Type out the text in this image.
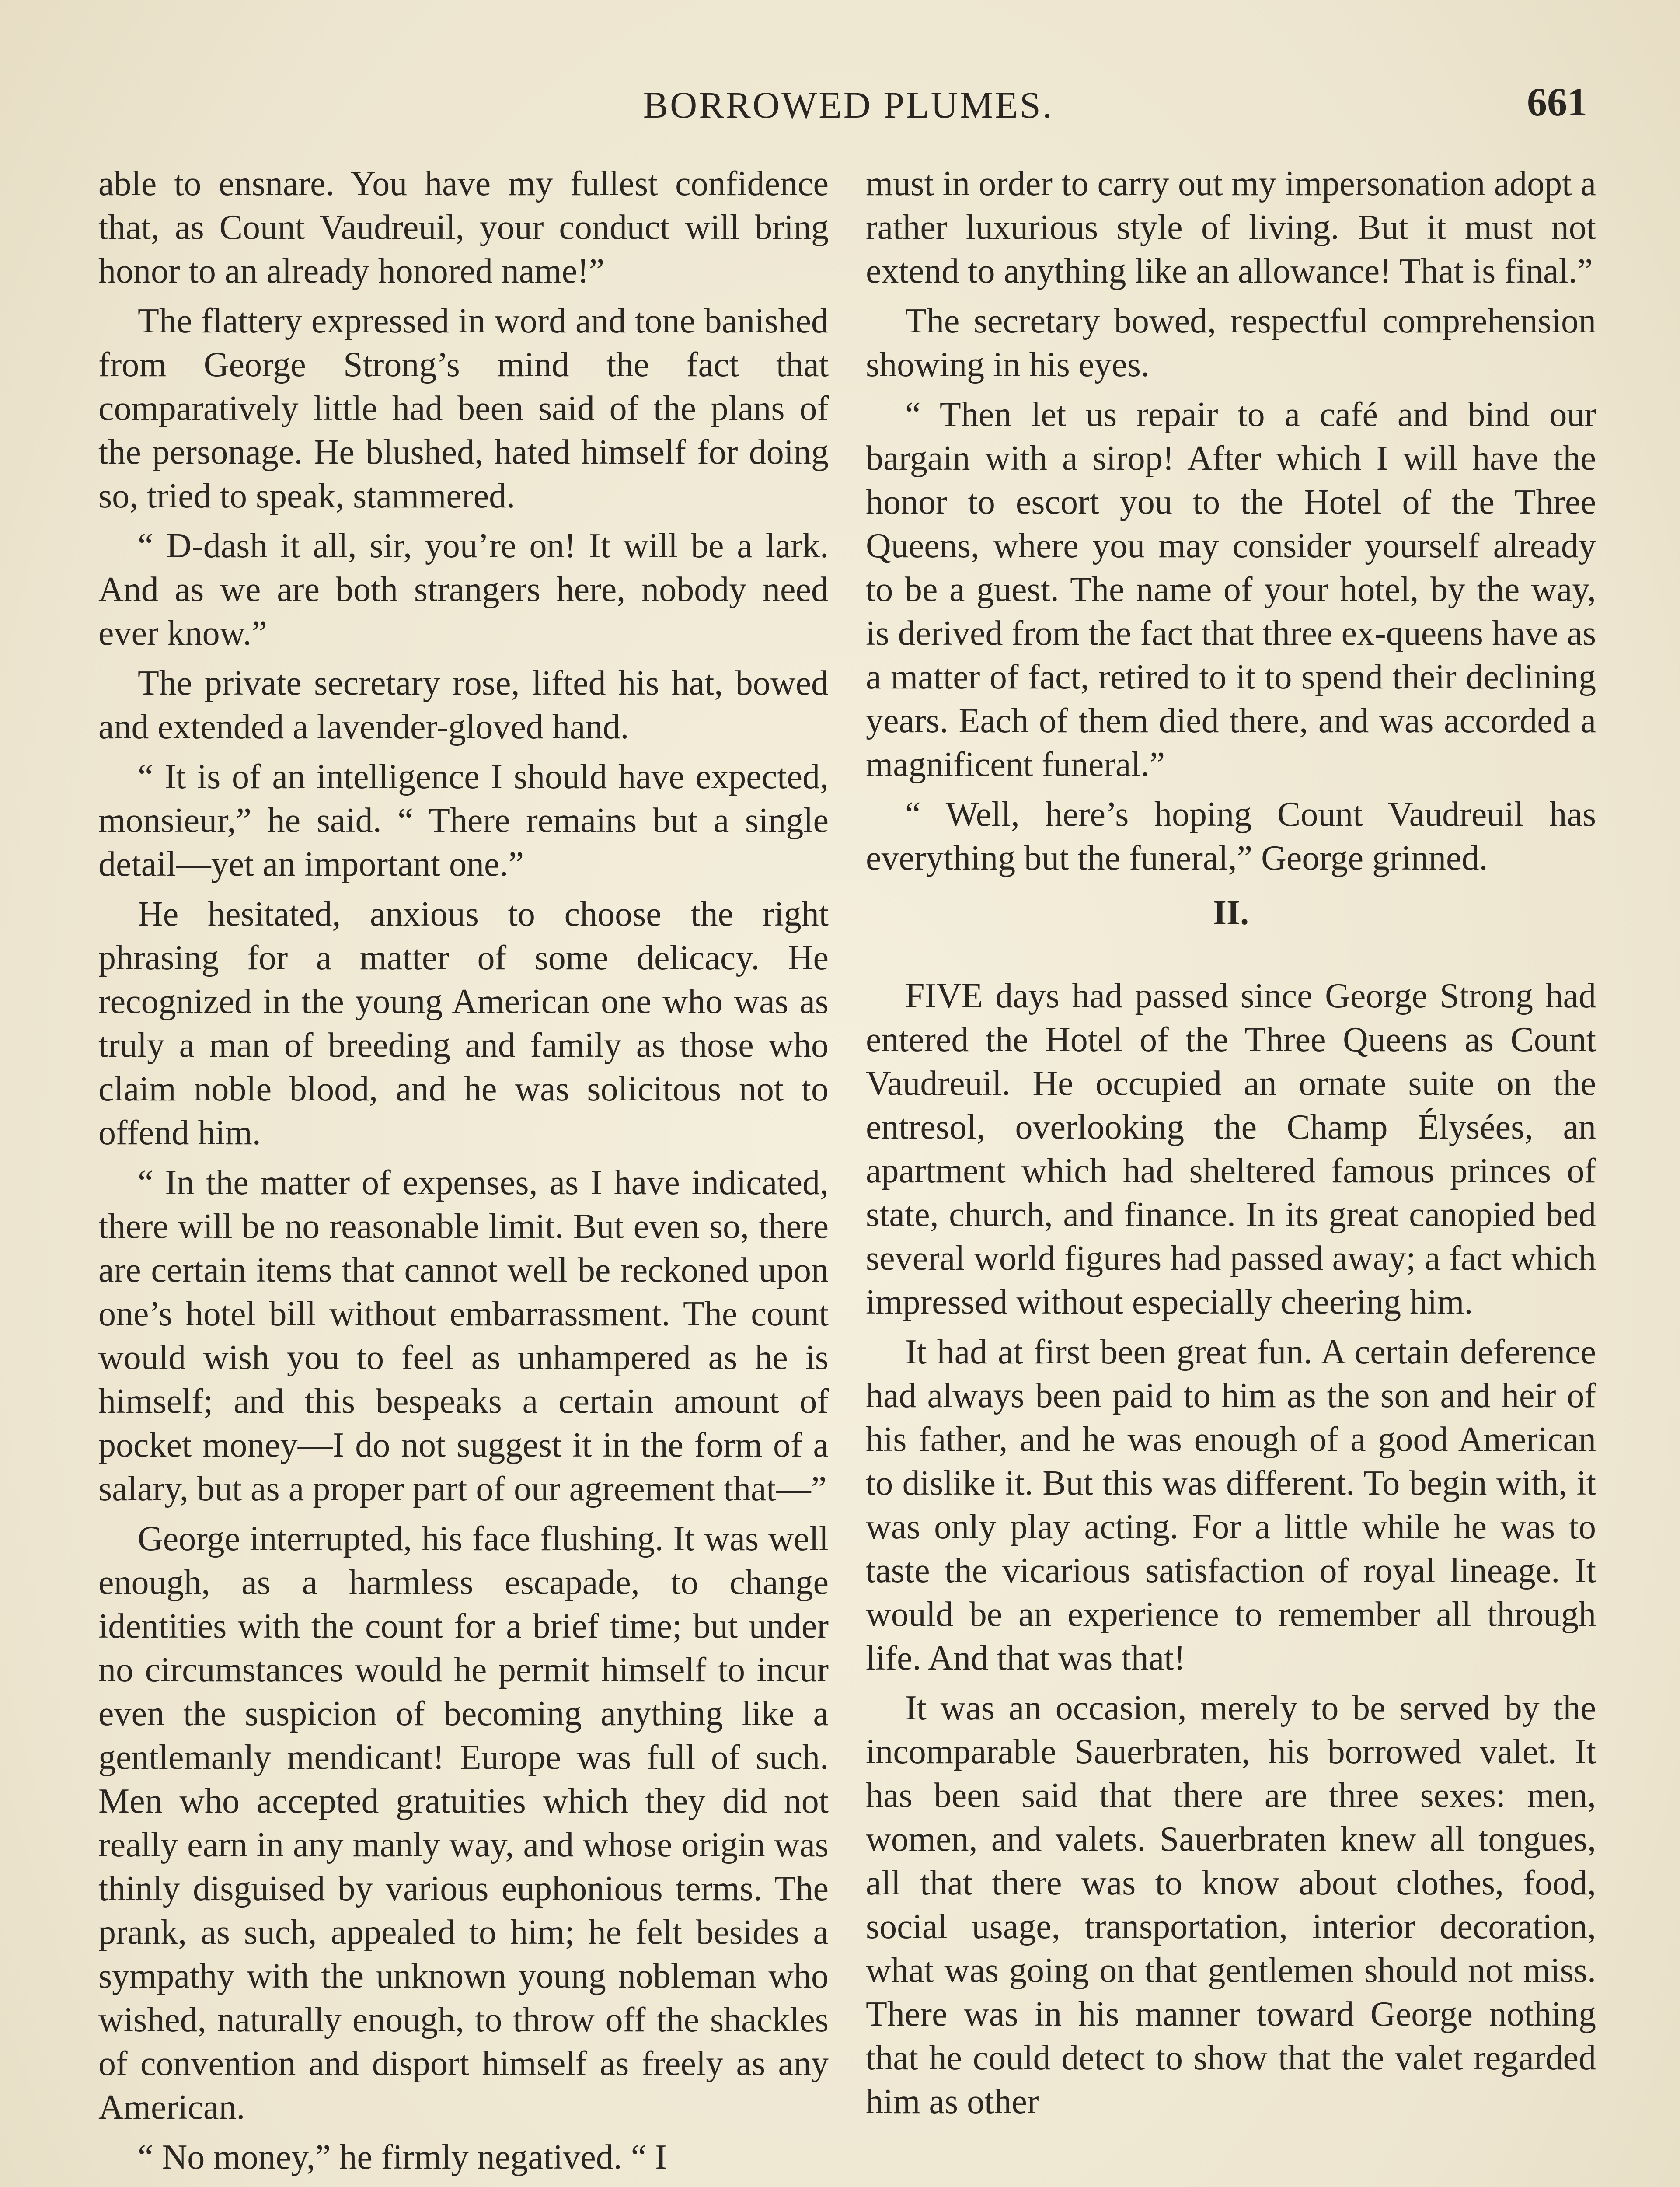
BORROWED PLUMES.	661

able to ensnare. You have my fullest confidence that, as Count Vaudreuil, your conduct will bring honor to an already honored name!”

The flattery expressed in word and tone banished from George Strong’s mind the fact that comparatively little had been said of the plans of the personage. He blushed, hated himself for doing so, tried to speak, stammered.

“ D-dash it all, sir, you’re on! It will be a lark. And as we are both strangers here, nobody need ever know.”

The private secretary rose, lifted his hat, bowed and extended a lavender-gloved hand.

“ It is of an intelligence I should have expected, monsieur,” he said. “ There remains but a single detail—yet an important one.”

He hesitated, anxious to choose the right phrasing for a matter of some delicacy. He recognized in the young American one who was as truly a man of breeding and family as those who claim noble blood, and he was solicitous not to offend him.

“ In the matter of expenses, as I have indicated, there will be no reasonable limit. But even so, there are certain items that cannot well be reckoned upon one’s hotel bill without embarrassment. The count would wish you to feel as unhampered as he is himself; and this bespeaks a certain amount of pocket money—I do not suggest it in the form of a salary, but as a proper part of our agreement that—”

George interrupted, his face flushing. It was well enough, as a harmless escapade, to change identities with the count for a brief time; but under no circumstances would he permit himself to incur even the suspicion of becoming anything like a gentlemanly mendicant! Europe was full of such. Men who accepted gratuities which they did not really earn in any manly way, and whose origin was thinly disguised by various euphonious terms. The prank, as such, appealed to him; he felt besides a sympathy with the unknown young nobleman who wished, naturally enough, to throw off the shackles of convention and disport himself as freely as any American.

“ No money,” he firmly negatived. “ I

must in order to carry out my impersonation adopt a rather luxurious style of living. But it must not extend to anything like an allowance! That is final.”

The secretary bowed, respectful comprehension showing in his eyes.

“ Then let us repair to a café and bind our bargain with a sirop! After which I will have the honor to escort you to the Hotel of the Three Queens, where you may consider yourself already to be a guest. The name of your hotel, by the way, is derived from the fact that three ex-queens have as a matter of fact, retired to it to spend their declining years. Each of them died there, and was accorded a magnificent funeral.”

“ Well, here’s hoping Count Vaudreuil has everything but the funeral,” George grinned.

II.

FIVE days had passed since George Strong had entered the Hotel of the Three Queens as Count Vaudreuil. He occupied an ornate suite on the entresol, overlooking the Champ Élysées, an apartment which had sheltered famous princes of state, church, and finance. In its great canopied bed several world figures had passed away; a fact which impressed without especially cheering him.

It had at first been great fun. A certain deference had always been paid to him as the son and heir of his father, and he was enough of a good American to dislike it. But this was different. To begin with, it was only play acting. For a little while he was to taste the vicarious satisfaction of royal lineage. It would be an experience to remember all through life. And that was that!

It was an occasion, merely to be served by the incomparable Sauerbraten, his borrowed valet. It has been said that there are three sexes: men, women, and valets. Sauerbraten knew all tongues, all that there was to know about clothes, food, social usage, transportation, interior decoration, what was going on that gentlemen should not miss. There was in his manner toward George nothing that he could detect to show that the valet regarded him as other
